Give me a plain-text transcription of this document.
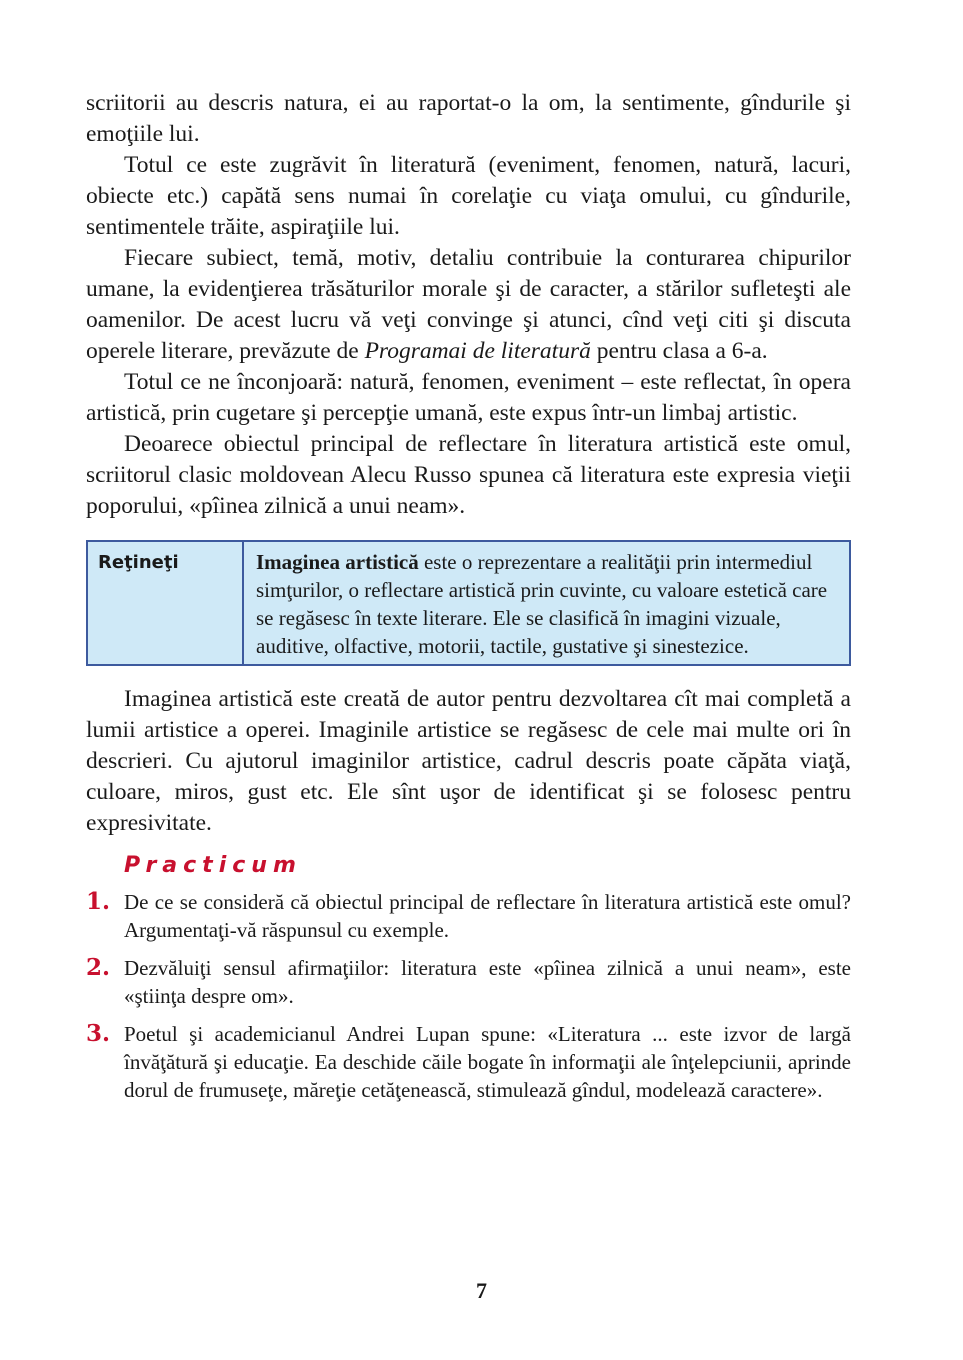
scriitorii au descris natura, ei au raportat-o la om, la sentimente, gîndurile şi emoţiile lui.

Totul ce este zugrăvit în literatură (eveniment, fenomen, natură, lacuri, obiecte etc.) capătă sens numai în corelaţie cu viaţa omului, cu gîndurile, sentimentele trăite, aspiraţiile lui.

Fiecare subiect, temă, motiv, detaliu contribuie la conturarea chipurilor umane, la evidenţierea trăsăturilor morale şi de caracter, a stărilor sufleteşti ale oamenilor. De acest lucru vă veţi convinge şi atunci, cînd veţi citi şi discuta operele literare, prevăzute de Programai de literatură pentru clasa a 6-a.

Totul ce ne înconjoară: natură, fenomen, eveniment – este reflectat, în opera artistică, prin cugetare şi percepţie umană, este expus într-un limbaj artistic.

Deoarece obiectul principal de reflectare în literatura artistică este omul, scriitorul clasic moldovean Alecu Russo spunea că literatura este expresia vieţii poporului, «pîinea zilnică a unui neam».

Reţineţi	Imaginea artistică este o reprezentare a realităţii prin intermediul simţurilor, o reflectare artistică prin cuvinte, cu valoare estetică care se regăsesc în texte literare. Ele se clasifică în imagini vizuale, auditive, olfactive, motorii, tactile, gustative şi sinestezice.

Imaginea artistică este creată de autor pentru dezvoltarea cît mai completă a lumii artistice a operei. Imaginile artistice se regăsesc de cele mai multe ori în descrieri. Cu ajutorul imaginilor artistice, cadrul descris poate căpăta viaţă, culoare, miros, gust etc. Ele sînt uşor de identificat şi se folosesc pentru expresivitate.

Practicum
1. De ce se consideră că obiectul principal de reflectare în literatura artistică este omul? Argumentaţi-vă răspunsul cu exemple.
2. Dezvăluiţi sensul afirmaţiilor: literatura este «pîinea zilnică a unui neam», este «ştiinţa despre om».
3. Poetul şi academicianul Andrei Lupan spune: «Literatura ... este izvor de largă învăţătură şi educaţie. Ea deschide căile bogate în informaţii ale înţelepciunii, aprinde dorul de frumuseţe, măreţie cetăţenească, stimulează gîndul, modelează caractere».
7
